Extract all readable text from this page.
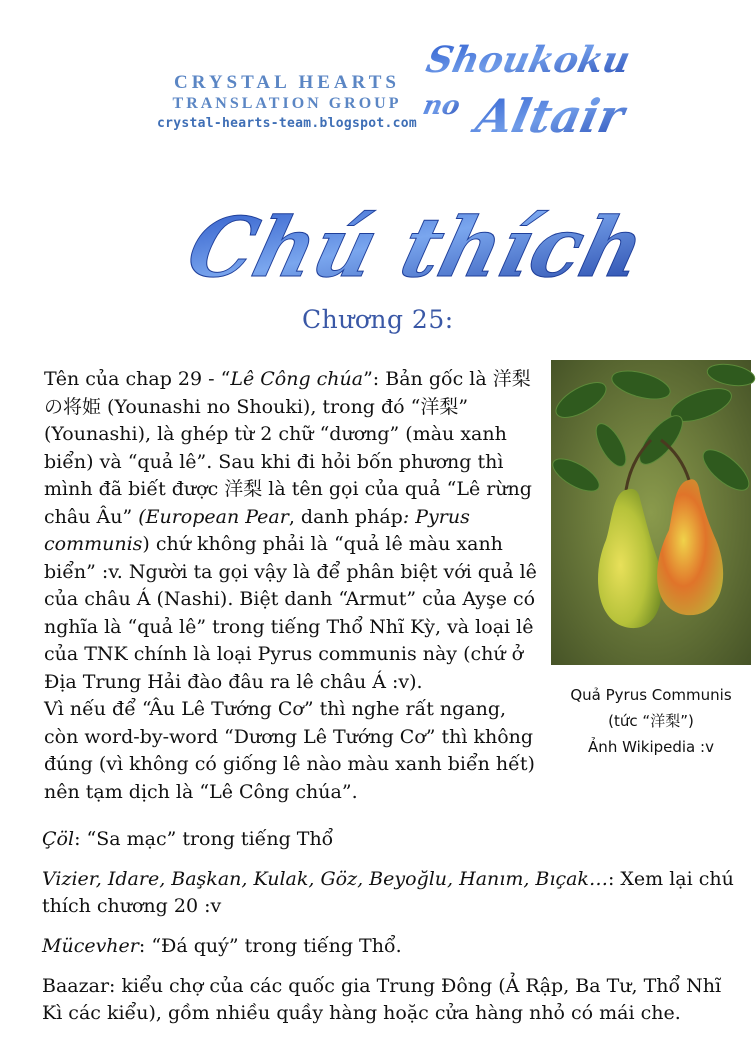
CRYSTAL HEARTS
TRANSLATION GROUP
crystal-hearts-team.blogspot.com
Shoukoku
no Altair
Chú thích
Chương 25:

Tên của chap 29 - “Lê Công chúa”: Bản gốc là 洋梨の将姫 (Younashi no Shouki), trong đó “洋梨” (Younashi), là ghép từ 2 chữ “dương” (màu xanh biển) và “quả lê”. Sau khi đi hỏi bốn phương thì mình đã biết được 洋梨 là tên gọi của quả “Lê rừng châu Âu” (European Pear, danh pháp: Pyrus communis) chứ không phải là “quả lê màu xanh biển” :v. Người ta gọi vậy là để phân biệt với quả lê của châu Á (Nashi). Biệt danh “Armut” của Ayşe có nghĩa là “quả lê” trong tiếng Thổ Nhĩ Kỳ, và loại lê của TNK chính là loại Pyrus communis này (chứ ở Địa Trung Hải đào đâu ra lê châu Á :v).

Vì nếu để “Âu Lê Tướng Cơ” thì nghe rất ngang, còn word-by-word “Dương Lê Tướng Cơ” thì không đúng (vì không có giống lê nào màu xanh biển hết) nên tạm dịch là “Lê Công chúa”.

Quả Pyrus Communis
(tức “洋梨”)
Ảnh Wikipedia :v

Çöl: “Sa mạc” trong tiếng Thổ

Vizier, Idare, Başkan, Kulak, Göz, Beyoğlu, Hanım, Bıçak…: Xem lại chú thích chương 20 :v

Mücevher: “Đá quý” trong tiếng Thổ.

Baazar: kiểu chợ của các quốc gia Trung Đông (Ả Rập, Ba Tư, Thổ Nhĩ Kì các kiểu), gồm nhiều quầy hàng hoặc cửa hàng nhỏ có mái che.
